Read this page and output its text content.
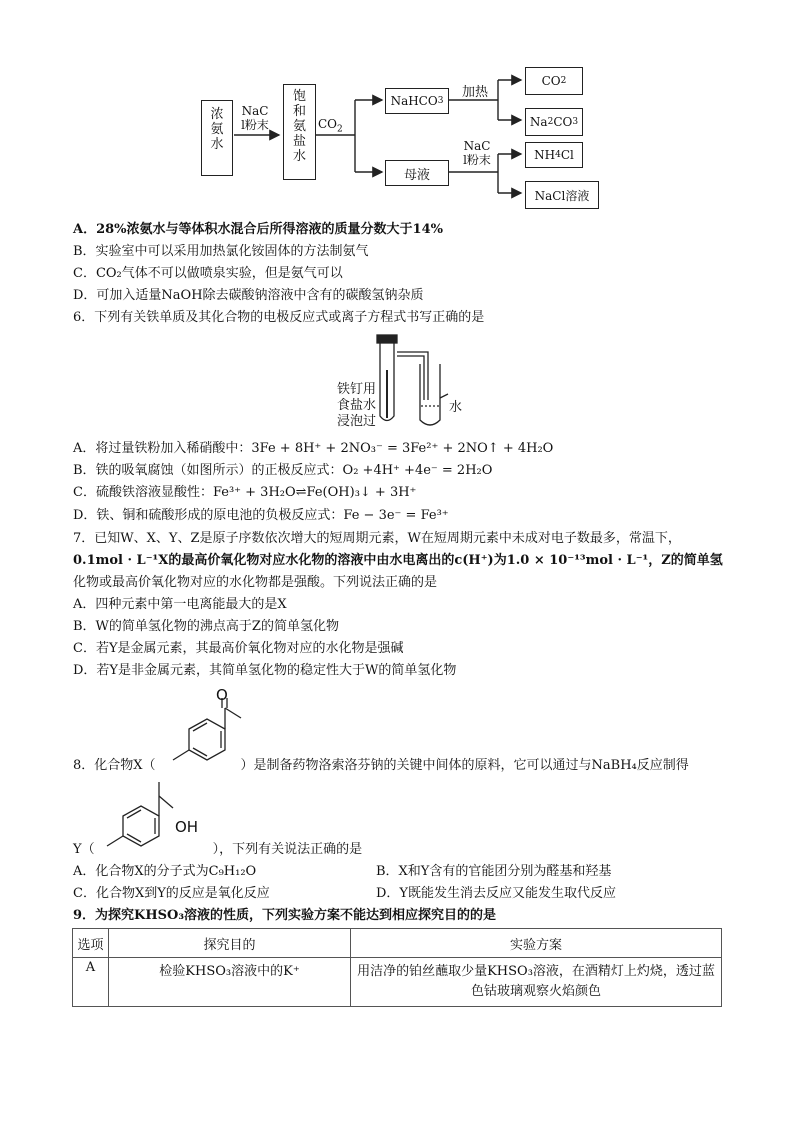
浓氨水
NaCl粉末
饱和氨盐水
$CO_2$
NaHCO 3
加热
CO 2
Na 2 CO 3
母液
NaCl粉末	NH 4 Cl
NaCl溶液
A．28%浓氨水与等体积水混合后所得溶液的质量分数大于14%
B．实验室中可以采用加热氯化铵固体的方法制氨气
C．CO₂气体不可以做喷泉实验，但是氨气可以
D．可加入适量NaOH除去碳酸钠溶液中含有的碳酸氢钠杂质
6．下列有关铁单质及其化合物的电极反应式或离子方程式书写正确的是
铁钉用
食盐水
浸泡过
水
A．将过量铁粉加入稀硝酸中：3Fe + 8H⁺ + 2NO₃⁻ = 3Fe²⁺ + 2NO↑ + 4H₂O
B．铁的吸氧腐蚀（如图所示）的正极反应式：O₂ +4H⁺ +4e⁻ = 2H₂O
C．硫酸铁溶液显酸性：Fe³⁺ + 3H₂O⇌Fe(OH)₃↓ + 3H⁺
D．铁、铜和硫酸形成的原电池的负极反应式：Fe − 3e⁻ = Fe³⁺
7．已知W、X、Y、Z是原子序数依次增大的短周期元素，W在短周期元素中未成对电子数最多，常温下，
0.1mol · L⁻¹X的最高价氧化物对应水化物的溶液中由水电离出的c(H⁺)为1.0 × 10⁻¹³mol · L⁻¹，Z的简单氢
化物或最高价氧化物对应的水化物都是强酸。下列说法正确的是
A．四种元素中第一电离能最大的是X
B．W的简单氢化物的沸点高于Z的简单氢化物
C．若Y是金属元素，其最高价氧化物对应的水化物是强碱
D．若Y是非金属元素，其简单氢化物的稳定性大于W的简单氢化物
O
8．化合物X（	）是制备药物洛索洛芬钠的关键中间体的原料，它可以通过与NaBH₄反应制得
OH
Y（	），下列有关说法正确的是
A．化合物X的分子式为C₉H₁₂O	B．X和Y含有的官能团分别为醛基和羟基
C．化合物X到Y的反应是氧化反应	D．Y既能发生消去反应又能发生取代反应
9．为探究KHSO₃溶液的性质，下列实验方案不能达到相应探究目的的是
选项	探究目的	实验方案
A	检验KHSO₃溶液中的K⁺	用洁净的铂丝蘸取少量KHSO₃溶液，在酒精灯上灼烧，透过蓝色钴玻璃观察火焰颜色
